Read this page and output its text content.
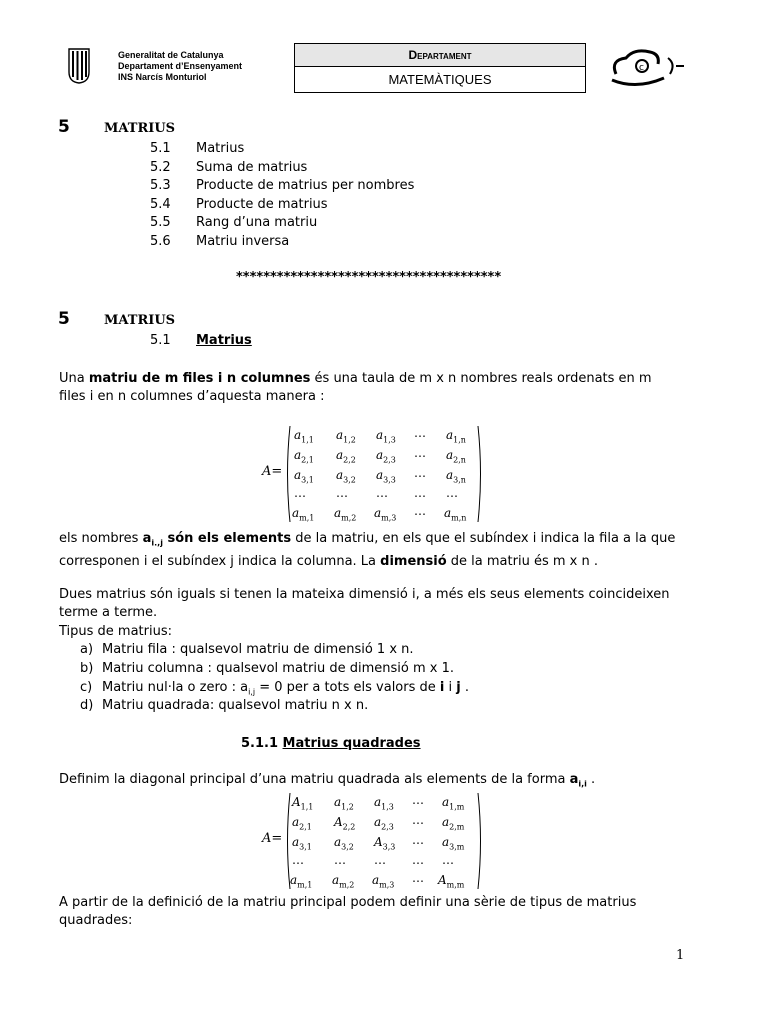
Generalitat de Catalunya
Departament d’Ensenyament
INS Narcís Monturiol
Departament
MATEMÀTIQUES
c
5	MATRIUS
5.1 Matrius
5.2 Suma de matrius
5.3 Producte de matrius per nombres
5.4 Producte de matrius
5.5 Rang d’una matriu
5.6 Matriu inversa
***************************************
5	MATRIUS
5.1 Matrius
Una matriu de m files i n columnes és una taula de m x n nombres reals ordenats en m files i en n columnes d’aquesta manera :
A=
$a_{1,1}$ $a_{1,2}$ $a_{1,3}$ … $a_{1,n}$
$a_{2,1}$ $a_{2,2}$ $a_{2,3}$ … $a_{2,n}$
$a_{3,1}$ $a_{3,2}$ $a_{3,3}$ … $a_{3,n}$
…	… … … …
$a_{m,1}$ $a_{m,2}$ $a_{m,3}$ … $a_{m,n}$
els nombres $a_{i.,j}$ són els elements de la matriu, en els que el subíndex i indica la fila a la que corresponen i el subíndex j indica la columna. La dimensió de la matriu és m x n .
Dues matrius són iguals si tenen la mateixa dimensió i, a més els seus elements coincideixen terme a terme.
Tipus de matrius:
a) Matriu fila : qualsevol matriu de dimensió 1 x n.
b) Matriu columna : qualsevol matriu de dimensió m x 1.
c) Matriu nul·la o zero : $a_{i,j} = 0$ per a tots els valors de i i j .
d) Matriu quadrada: qualsevol matriu n x n.
5.1.1 Matrius quadrades
Definim la diagonal principal d’una matriu quadrada als elements de la forma $a_{i,i}$ .
A=
$A_{1,1}$ $a_{1,2}$ $a_{1,3}$ … $a_{1,m}$
$a_{2,1}$ $A_{2,2}$ $a_{2,3}$ … $a_{2,m}$
$a_{3,1}$ $a_{3,2}$ $A_{3,3}$ … $a_{3,m}$
…	… … … …
$a_{m,1}$ $a_{m,2}$ $a_{m,3}$ … $A_{m,m}$
A partir de la definició de la matriu principal podem definir una sèrie de tipus de matrius quadrades:
1
